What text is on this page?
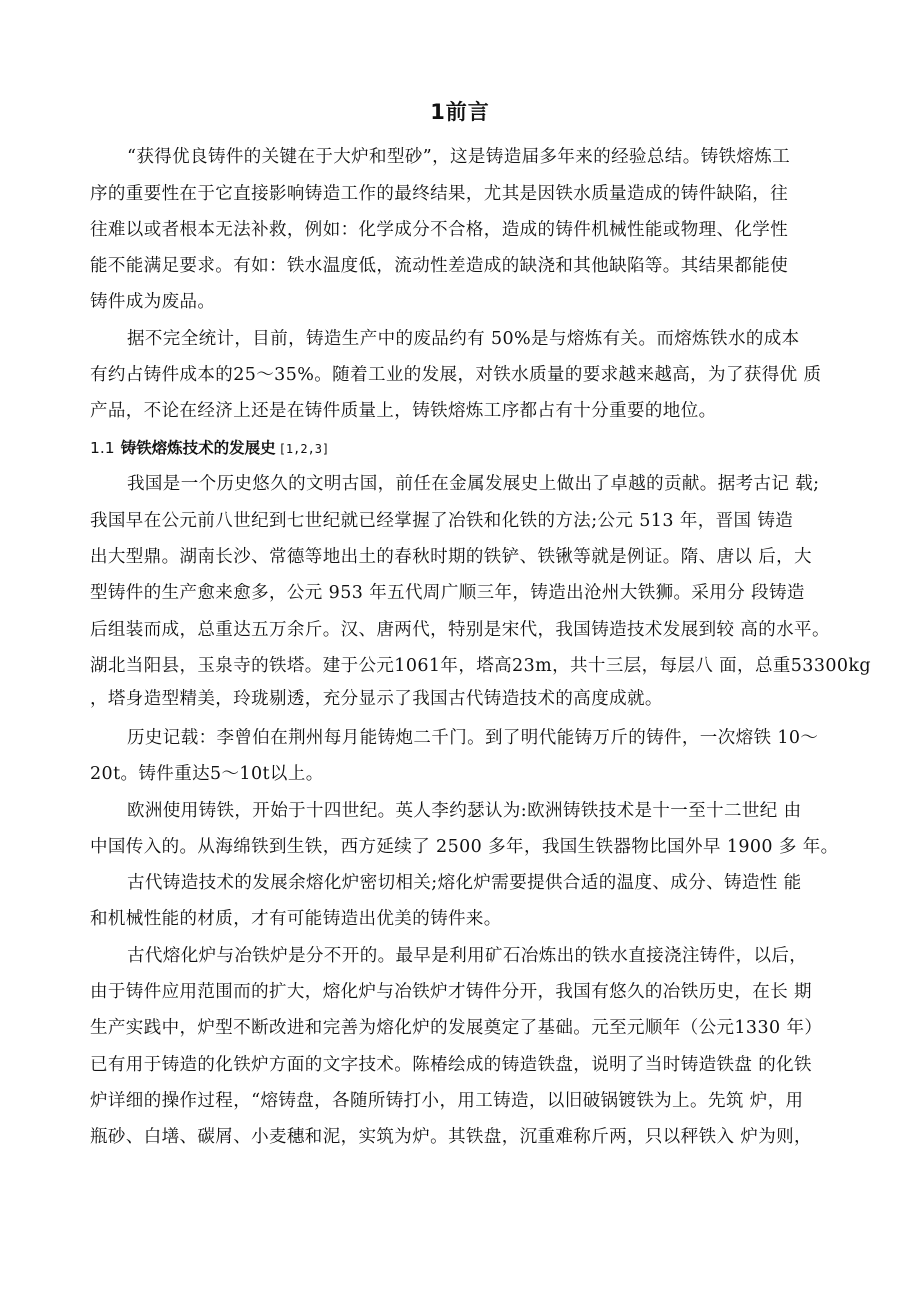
1前言
“获得优良铸件的关键在于大炉和型砂”，这是铸造届多年来的经验总结。铸铁熔炼工
序的重要性在于它直接影响铸造工作的最终结果，尤其是因铁水质量造成的铸件缺陷，往
往难以或者根本无法补救，例如：化学成分不合格，造成的铸件机械性能或物理、化学性
能不能满足要求。有如：铁水温度低，流动性差造成的缺浇和其他缺陷等。其结果都能使
铸件成为废品。
据不完全统计，目前，铸造生产中的废品约有 50%是与熔炼有关。而熔炼铁水的成本
有约占铸件成本的25～35%。随着工业的发展，对铁水质量的要求越来越高，为了获得优 质
产品，不论在经济上还是在铸件质量上，铸铁熔炼工序都占有十分重要的地位。
1.1 铸铁熔炼技术的发展史 [1,2,3]
我国是一个历史悠久的文明古国，前任在金属发展史上做出了卓越的贡献。据考古记 载;
我国早在公元前八世纪到七世纪就已经掌握了冶铁和化铁的方法;公元 513 年，晋国 铸造
出大型鼎。湖南长沙、常德等地出土的春秋时期的铁铲、铁锹等就是例证。隋、唐以 后，大
型铸件的生产愈来愈多，公元 953 年五代周广顺三年，铸造出沧州大铁狮。采用分 段铸造
后组装而成，总重达五万余斤。汉、唐两代，特别是宋代，我国铸造技术发展到较 高的水平。
湖北当阳县，玉泉寺的铁塔。建于公元1061年，塔高23m，共十三层，每层八 面，总重53300kg
，塔身造型精美，玲珑剔透，充分显示了我国古代铸造技术的高度成就。
历史记载：李曾伯在荆州每月能铸炮二千门。到了明代能铸万斤的铸件，一次熔铁 10～
20t。铸件重达5～10t以上。
欧洲使用铸铁，开始于十四世纪。英人李约瑟认为:欧洲铸铁技术是十一至十二世纪 由
中国传入的。从海绵铁到生铁，西方延续了 2500 多年，我国生铁器物比国外早 1900 多 年。
古代铸造技术的发展余熔化炉密切相关;熔化炉需要提供合适的温度、成分、铸造性 能
和机械性能的材质，才有可能铸造出优美的铸件来。
古代熔化炉与冶铁炉是分不开的。最早是利用矿石冶炼出的铁水直接浇注铸件，以后，
由于铸件应用范围而的扩大，熔化炉与冶铁炉才铸件分开，我国有悠久的冶铁历史，在长 期
生产实践中，炉型不断改进和完善为熔化炉的发展奠定了基础。元至元顺年（公元1330 年）
已有用于铸造的化铁炉方面的文字技术。陈椿绘成的铸造铁盘，说明了当时铸造铁盘 的化铁
炉详细的操作过程，“熔铸盘，各随所铸打小，用工铸造，以旧破锅镀铁为上。先筑 炉，用
瓶砂、白墡、碳屑、小麦穗和泥，实筑为炉。其铁盘，沉重难称斤两，只以秤铁入 炉为则，
